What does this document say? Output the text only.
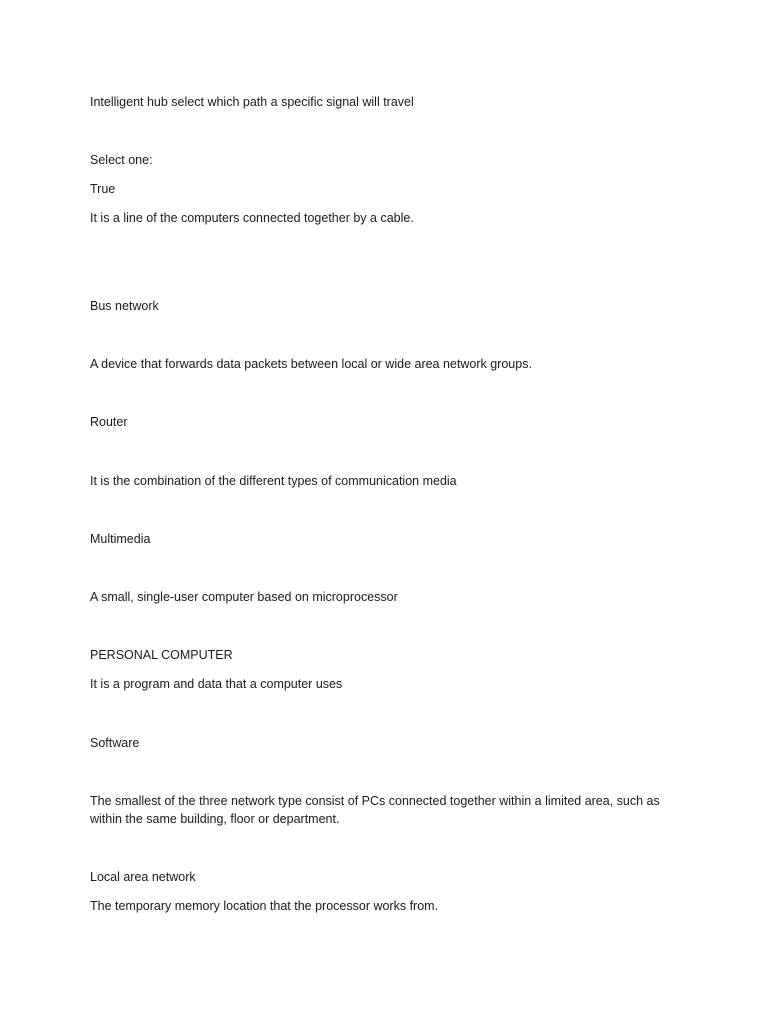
Intelligent hub select which path a specific signal will travel
Select one:
True
It is a line of the computers connected together by a cable.
Bus network
A device that forwards data packets between local or wide area network groups.
Router
It is the combination of the different types of communication media
Multimedia
A small, single-user computer based on microprocessor
PERSONAL COMPUTER
It is a program and data that a computer uses
Software
The smallest of the three network type consist of PCs connected together within a limited area, such as within the same building, floor or department.
Local area network
The temporary memory location that the processor works from.
